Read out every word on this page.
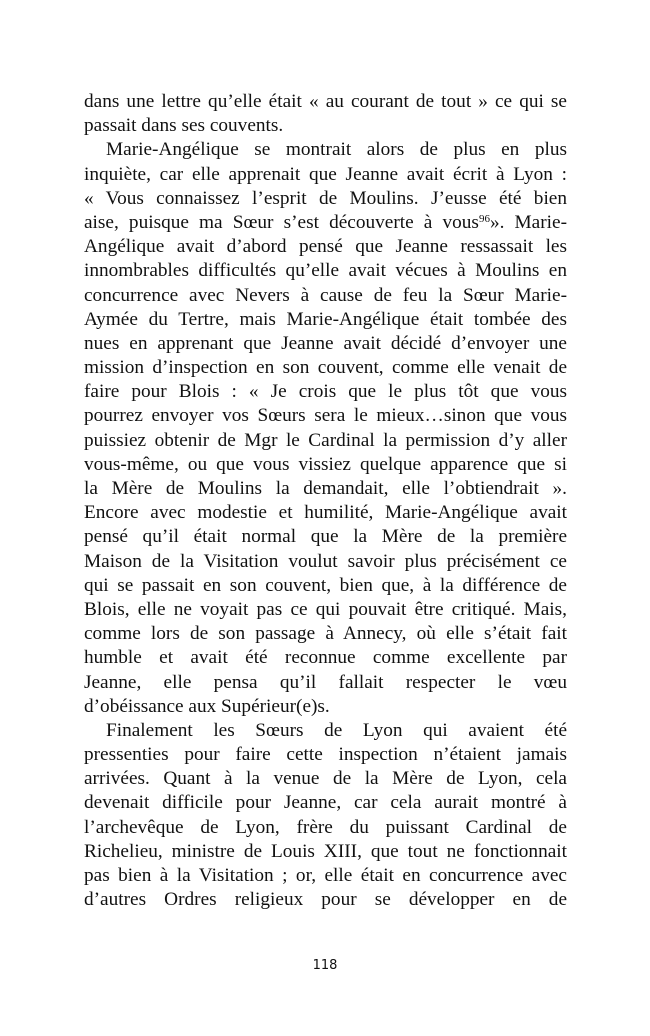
dans une lettre qu’elle était « au courant de tout » ce qui se
passait dans ses couvents.
Marie-Angélique se montrait alors de plus en plus
inquiète, car elle apprenait que Jeanne avait écrit à Lyon :
« Vous connaissez l’esprit de Moulins. J’eusse été bien
aise, puisque ma Sœur s’est découverte à vous$^{96}$». Marie-
Angélique avait d’abord pensé que Jeanne ressassait les
innombrables difficultés qu’elle avait vécues à Moulins en
concurrence avec Nevers à cause de feu la Sœur Marie-
Aymée du Tertre, mais Marie-Angélique était tombée des
nues en apprenant que Jeanne avait décidé d’envoyer une
mission d’inspection en son couvent, comme elle venait de
faire pour Blois : « Je crois que le plus tôt que vous
pourrez envoyer vos Sœurs sera le mieux…sinon que vous
puissiez obtenir de Mgr le Cardinal la permission d’y aller
vous-même, ou que vous vissiez quelque apparence que si
la Mère de Moulins la demandait, elle l’obtiendrait ».
Encore avec modestie et humilité, Marie-Angélique avait
pensé qu’il était normal que la Mère de la première
Maison de la Visitation voulut savoir plus précisément ce
qui se passait en son couvent, bien que, à la différence de
Blois, elle ne voyait pas ce qui pouvait être critiqué. Mais,
comme lors de son passage à Annecy, où elle s’était fait
humble et avait été reconnue comme excellente par
Jeanne, elle pensa qu’il fallait respecter le vœu
d’obéissance aux Supérieur(e)s.
Finalement les Sœurs de Lyon qui avaient été
pressenties pour faire cette inspection n’étaient jamais
arrivées. Quant à la venue de la Mère de Lyon, cela
devenait difficile pour Jeanne, car cela aurait montré à
l’archevêque de Lyon, frère du puissant Cardinal de
Richelieu, ministre de Louis XIII, que tout ne fonctionnait
pas bien à la Visitation ; or, elle était en concurrence avec
d’autres Ordres religieux pour se développer en de
118
